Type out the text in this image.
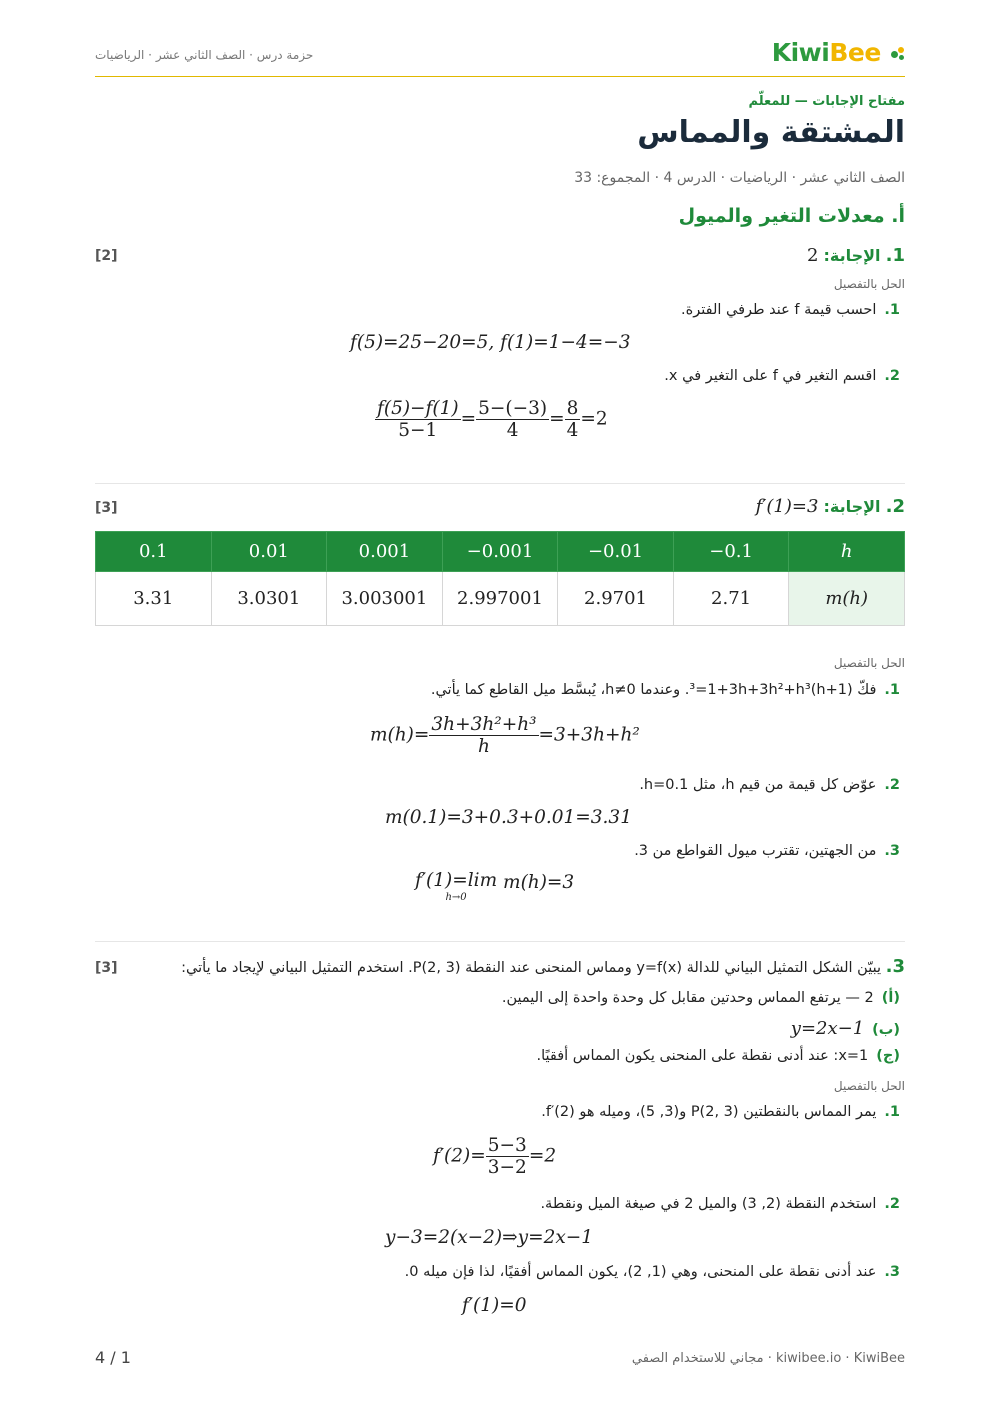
حزمة درس · الصف الثاني عشر · الرياضيات	KiwiBee
مفتاح الإجابات — للمعلّم
المشتقة والمماس
الصف الثاني عشر · الرياضيات · الدرس 4 · المجموع: 33
أ. معدلات التغير والميول
[2]	1. الإجابة: 2
الحل بالتفصيل
1.احسب قيمة f عند طرفي الفترة.
f(5)=25−20=5, f(1)=1−4=−3
2.اقسم التغير في f على التغير في x.
$\frac{f(5)-f(1)}{5-1} = \frac{5-(-3)}{4} = \frac{8}{4} =2$
[3]	2. الإجابة: f′(1)=3
0.1	0.01	0.001	−0.001	−0.01	−0.1	h
3.31	3.0301	3.003001	2.997001	2.9701	2.71	m(h)
الحل بالتفصيل
1.فكّ (1+h)³=1+3h+3h²+h³. وعندما h≠0، يُبسَّط ميل القاطع كما يأتي.
$m(h)= \frac{\text{3h+3h²+h³}}{h} =3+3h+h^2$
2.عوّض كل قيمة من قيم h، مثل h=0.1.
m(0.1)=3+0.3+0.01=3.31
3.من الجهتين، تقترب ميول القواطع من 3.
f′(1)=lim
h→0
m(h)=3
[3]	3. يبيّن الشكل التمثيل البياني للدالة y=f(x) ومماس المنحنى عند النقطة P(2, 3). استخدم التمثيل البياني لإيجاد ما يأتي:
(أ)2 — يرتفع المماس وحدتين مقابل كل وحدة واحدة إلى اليمين.
(ب)y=2x−1
(ج)x=1: عند أدنى نقطة على المنحنى يكون المماس أفقيًا.
الحل بالتفصيل
1.يمر المماس بالنقطتين P(2, 3) و(3, 5)، وميله هو f′(2).
$f'(2)= \frac{5-3}{3-2} =2$
2.استخدم النقطة (2, 3) والميل 2 في صيغة الميل ونقطة.
y−3=2(x−2)⇒y=2x−1
3.عند أدنى نقطة على المنحنى، وهي (1, 2)، يكون المماس أفقيًا، لذا فإن ميله 0.
f′(1)=0
4 / 1	kiwibee.io · KiwiBee · مجاني للاستخدام الصفي
